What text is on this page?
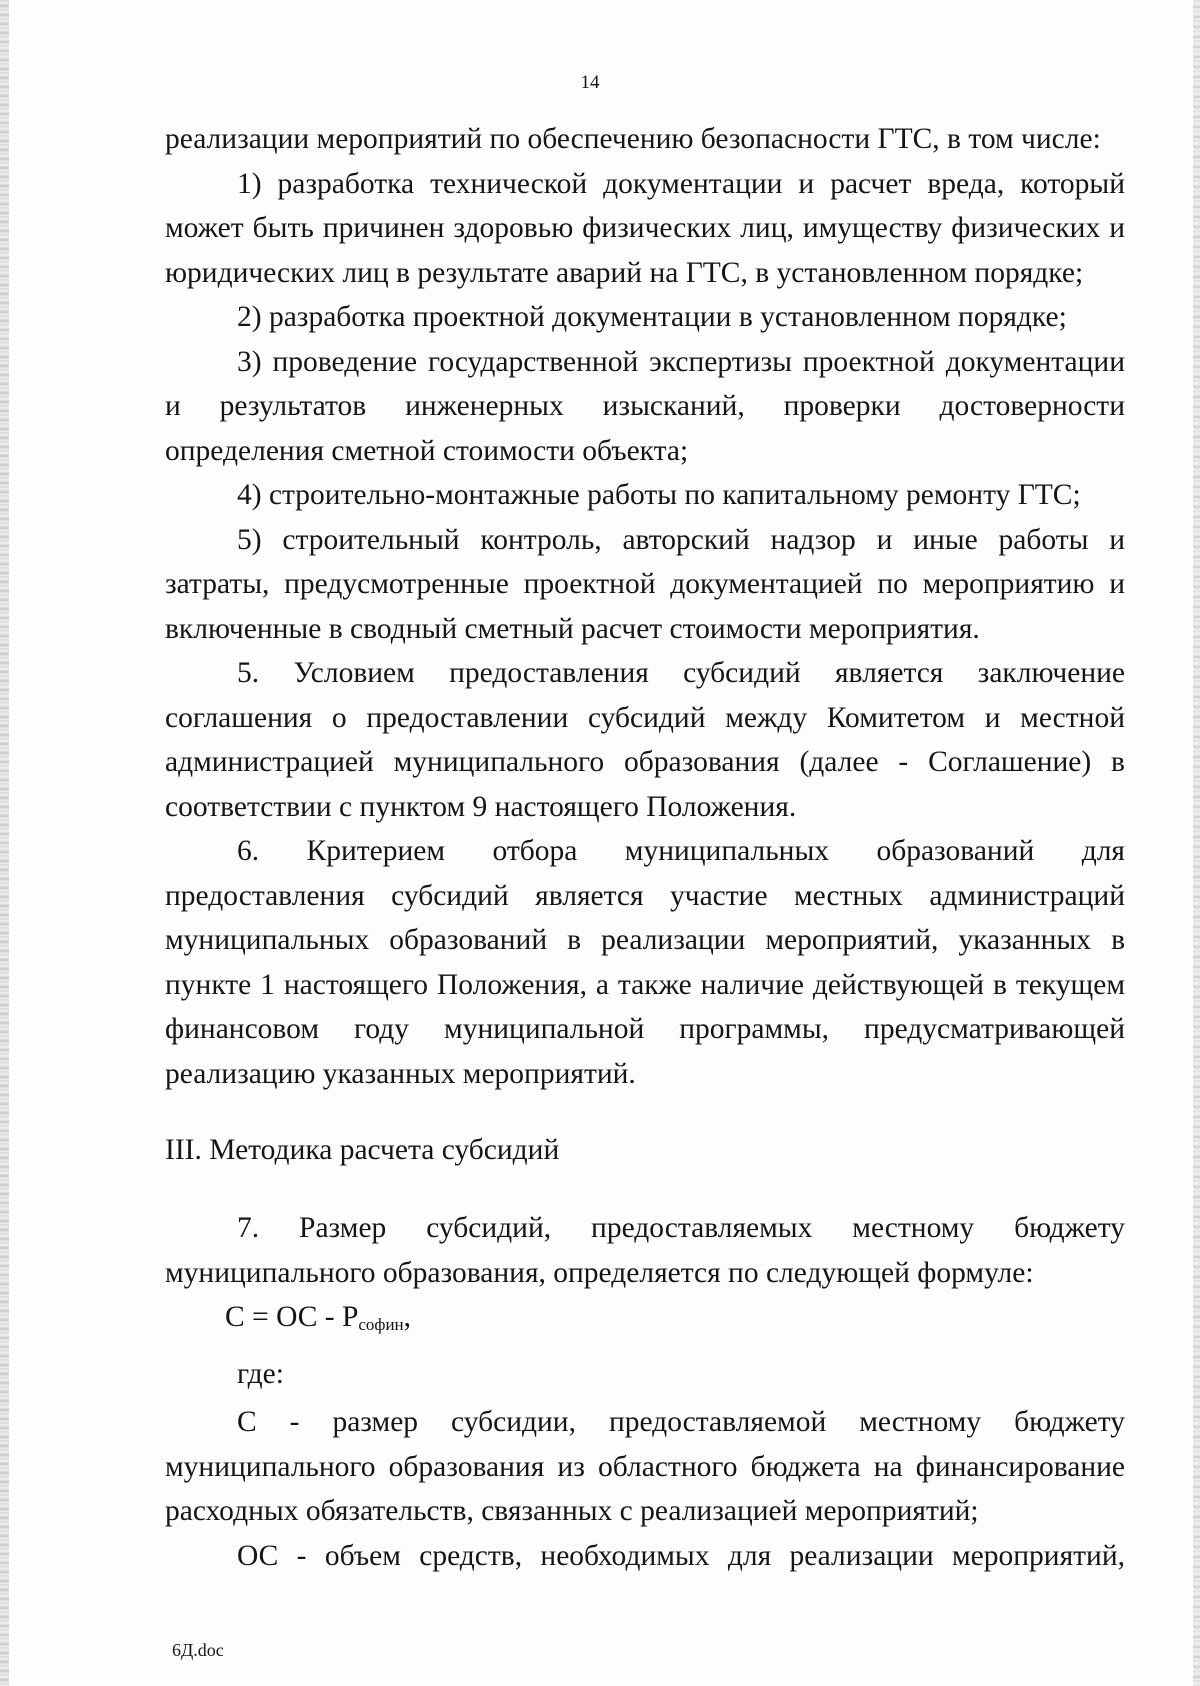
14

реализации мероприятий по обеспечению безопасности ГТС, в том числе:

1) разработка технической документации и расчет вреда, который может быть причинен здоровью физических лиц, имуществу физических и юридических лиц в результате аварий на ГТС, в установленном порядке;

2) разработка проектной документации в установленном порядке;

3) проведение государственной экспертизы проектной документации и результатов инженерных изысканий, проверки достоверности определения сметной стоимости объекта;

4) строительно-монтажные работы по капитальному ремонту ГТС;

5) строительный контроль, авторский надзор и иные работы и затраты, предусмотренные проектной документацией по мероприятию и включенные в сводный сметный расчет стоимости мероприятия.

5. Условием предоставления субсидий является заключение соглашения о предоставлении субсидий между Комитетом и местной администрацией муниципального образования (далее - Соглашение) в соответствии с пунктом 9 настоящего Положения.

6. Критерием отбора муниципальных образований для предоставления субсидий является участие местных администраций муниципальных образований в реализации мероприятий, указанных в пункте 1 настоящего Положения, а также наличие действующей в текущем финансовом году муниципальной программы, предусматривающей реализацию указанных мероприятий.

III. Методика расчета субсидий

7. Размер субсидий, предоставляемых местному бюджету муниципального образования, определяется по следующей формуле:

С = ОС - $Р_{софин}$,

где:

С - размер субсидии, предоставляемой местному бюджету муниципального образования из областного бюджета на финансирование расходных обязательств, связанных с реализацией мероприятий;

ОС - объем средств, необходимых для реализации мероприятий,

6Д.doc
